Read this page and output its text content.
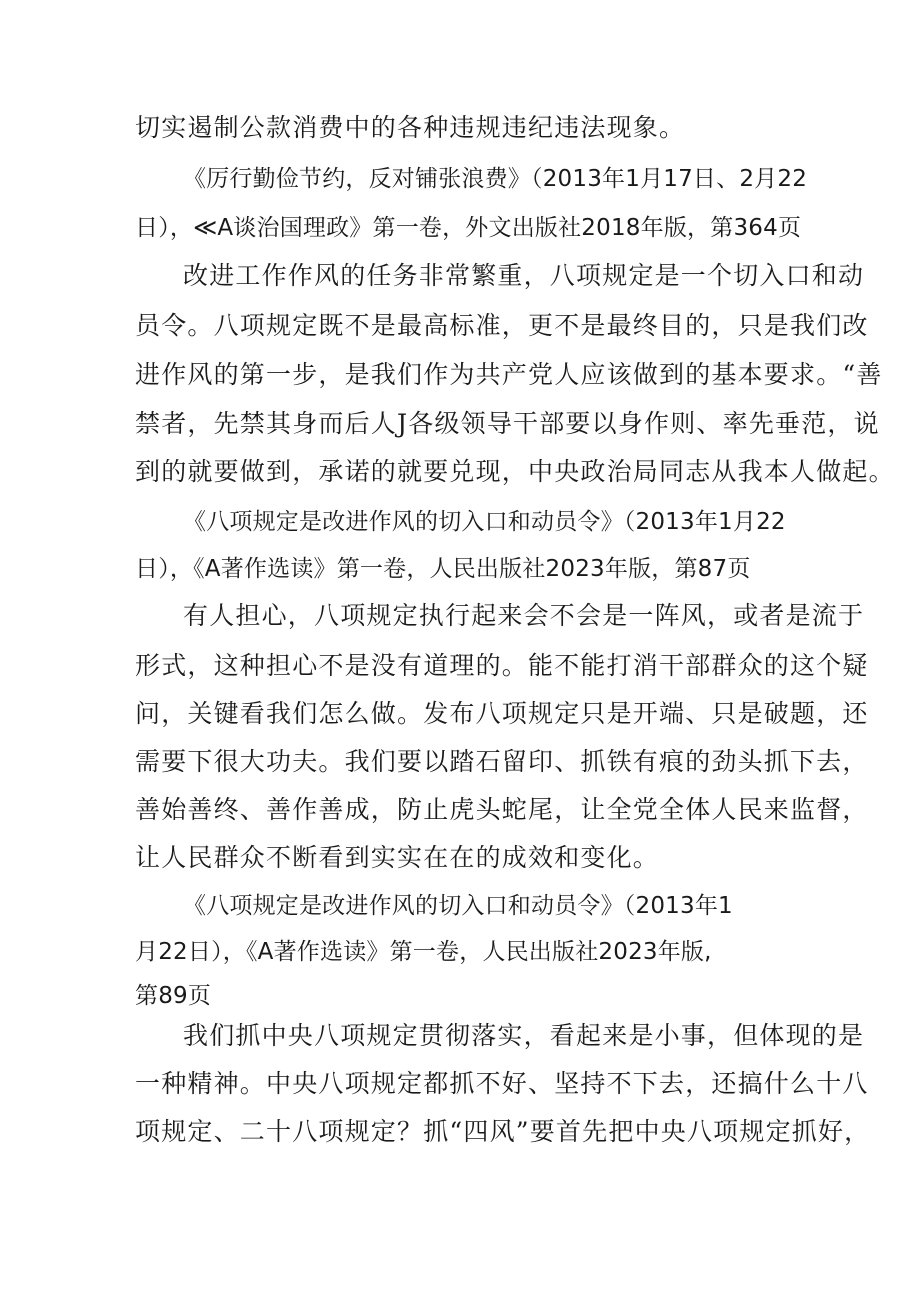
切实遏制公款消费中的各种违规违纪违法现象。
《厉行勤俭节约，反对铺张浪费》（2013年1月17日、2月22
日），≪A谈治国理政》第一卷，外文出版社2018年版，第364页
改进工作作风的任务非常繁重，八项规定是一个切入口和动
员令。八项规定既不是最高标准，更不是最终目的，只是我们改
进作风的第一步，是我们作为共产党人应该做到的基本要求。“善
禁者，先禁其身而后人J各级领导干部要以身作则、率先垂范，说
到的就要做到，承诺的就要兑现，中央政治局同志从我本人做起。
《八项规定是改进作风的切入口和动员令》（2013年1月22
日），《A著作选读》第一卷，人民出版社2023年版，第87页
有人担心，八项规定执行起来会不会是一阵风，或者是流于
形式，这种担心不是没有道理的。能不能打消干部群众的这个疑
问，关键看我们怎么做。发布八项规定只是开端、只是破题，还
需要下很大功夫。我们要以踏石留印、抓铁有痕的劲头抓下去，
善始善终、善作善成，防止虎头蛇尾，让全党全体人民来监督，
让人民群众不断看到实实在在的成效和变化。
《八项规定是改进作风的切入口和动员令》（2013年1
月22日），《A著作选读》第一卷，人民出版社2023年版,
第89页
我们抓中央八项规定贯彻落实，看起来是小事，但体现的是
一种精神。中央八项规定都抓不好、坚持不下去，还搞什么十八
项规定、二十八项规定？抓“四风”要首先把中央八项规定抓好，
